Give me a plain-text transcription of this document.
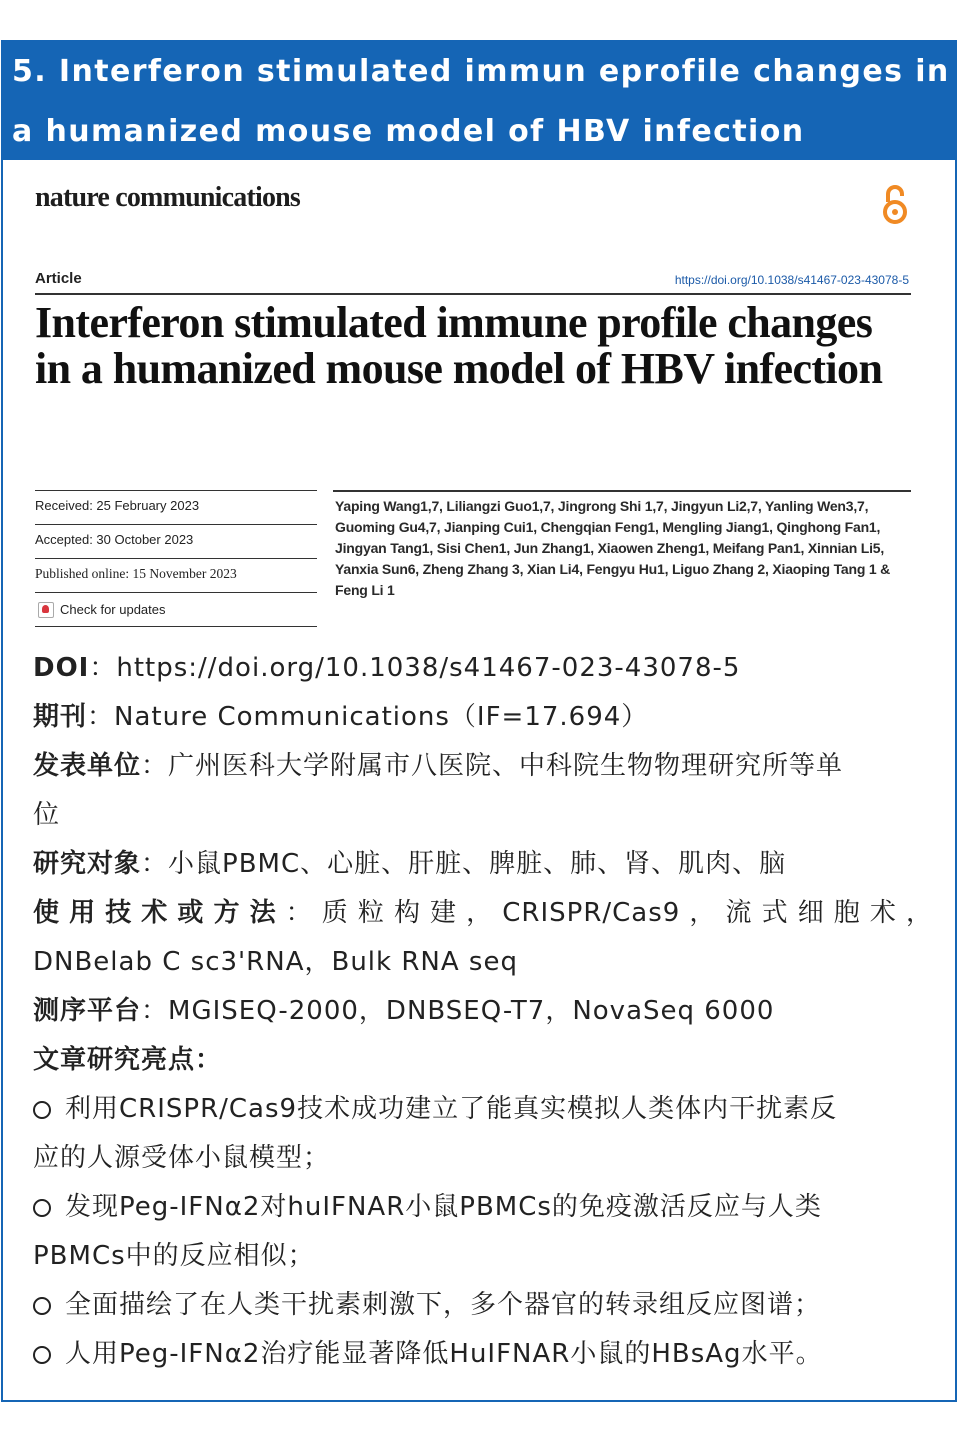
5. Interferon stimulated immun eprofile changes in
a humanized mouse model of HBV infection
nature communications
Article	https://doi.org/10.1038/s41467-023-43078-5
Interferon stimulated immune profile changes in a humanized mouse model of HBV infection
Received: 25 February 2023
Accepted: 30 October 2023
Published online: 15 November 2023
Check for updates
Yaping Wang1,7, Liliangzi Guo1,7, Jingrong Shi 1,7, Jingyun Li2,7, Yanling Wen3,7, Guoming Gu4,7, Jianping Cui1, Chengqian Feng1, Mengling Jiang1, Qinghong Fan1, Jingyan Tang1, Sisi Chen1, Jun Zhang1, Xiaowen Zheng1, Meifang Pan1, Xinnian Li5, Yanxia Sun6, Zheng Zhang 3, Xian Li4, Fengyu Hu1, Liguo Zhang 2, Xiaoping Tang 1 & Feng Li 1
DOI：https://doi.org/10.1038/s41467-023-43078-5
期刊：Nature Communications（IF=17.694）
发表单位：广州医科大学附属市八医院、中科院生物物理研究所等单
位
研究对象：小鼠PBMC、心脏、肝脏、脾脏、肺、肾、肌肉、脑
使用技术或方法：质粒构建，CRISPR/Cas9，流式细胞术，
DNBelab C sc3'RNA，Bulk RNA seq
测序平台：MGISEQ-2000，DNBSEQ-T7，NovaSeq 6000
文章研究亮点：
利用CRISPR/Cas9技术成功建立了能真实模拟人类体内干扰素反
应的人源受体小鼠模型；
发现Peg-IFNα2对huIFNAR小鼠PBMCs的免疫激活反应与人类
PBMCs中的反应相似；
全面描绘了在人类干扰素刺激下，多个器官的转录组反应图谱；
人用Peg-IFNα2治疗能显著降低HuIFNAR小鼠的HBsAg水平。
